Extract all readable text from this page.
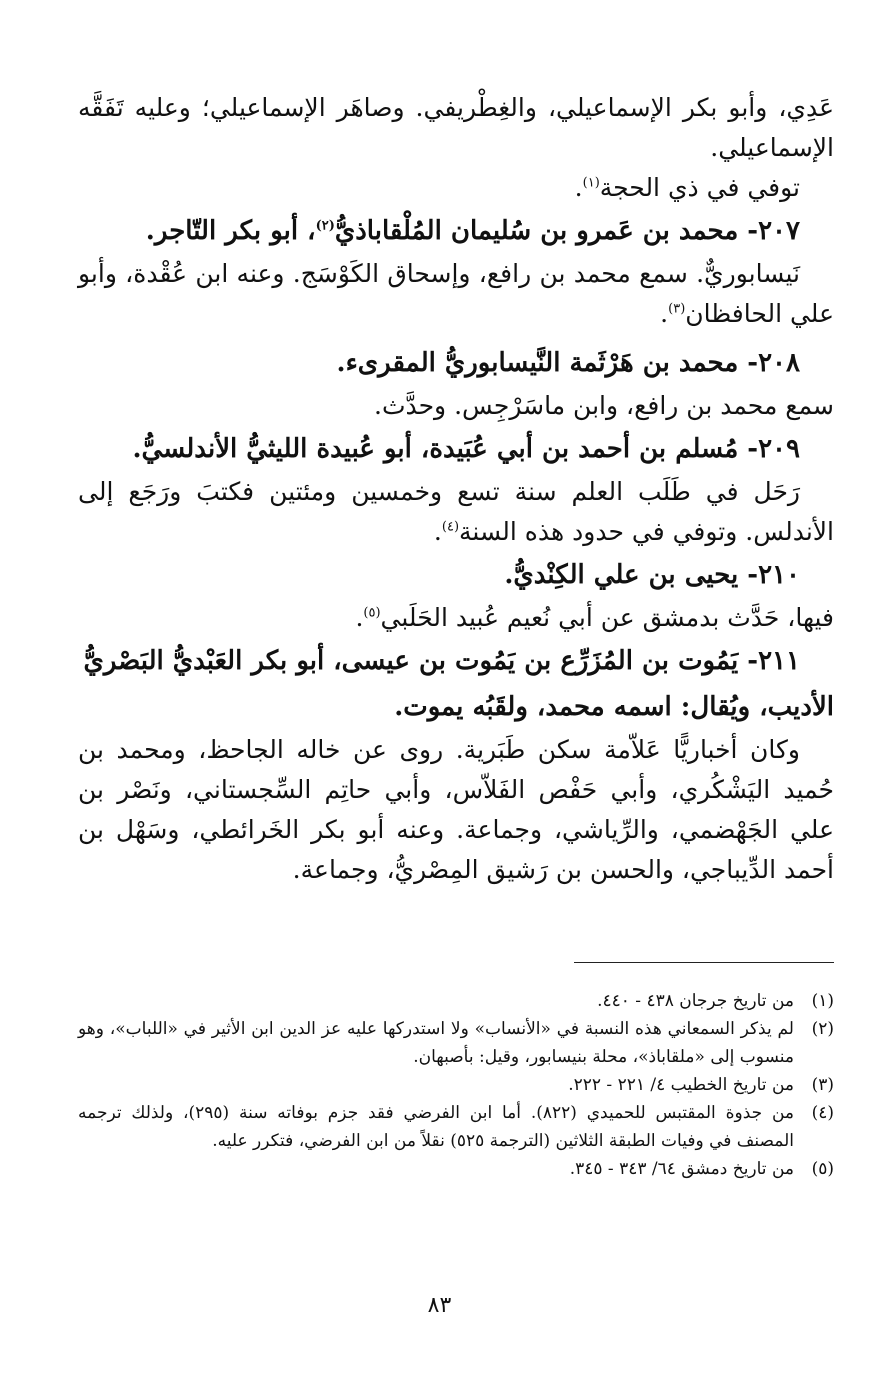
عَدِي، وأبو بكر الإسماعيلي، والغِطْريفي. وصاهَر الإسماعيلي؛ وعليه تَفَقَّه الإسماعيلي.

توفي في ذي الحجة$^{(١)}$.

٢٠٧- محمد بن عَمرو بن سُليمان المُلْقاباذيُّ$^{(٢)}$، أبو بكر التّاجر.

نَيسابوريٌّ. سمع محمد بن رافع، وإسحاق الكَوْسَج. وعنه ابن عُقْدة، وأبو علي الحافظان$^{(٣)}$.

٢٠٨- محمد بن هَرْثَمة النَّيسابوريُّ المقرىء.

سمع محمد بن رافع، وابن ماسَرْجِس. وحدَّث.

٢٠٩- مُسلم بن أحمد بن أبي عُبَيدة، أبو عُبيدة الليثيُّ الأندلسيُّ.

رَحَل في طَلَب العلم سنة تسع وخمسين ومئتين فكتبَ ورَجَع إلى الأندلس. وتوفي في حدود هذه السنة$^{(٤)}$.

٢١٠- يحيى بن علي الكِنْديُّ.

فيها، حَدَّث بدمشق عن أبي نُعيم عُبيد الحَلَبي$^{(٥)}$.

٢١١- يَمُوت بن المُزَرِّع بن يَمُوت بن عيسى، أبو بكر العَبْديُّ البَصْريُّ الأديب، ويُقال: اسمه محمد، ولقَبُه يموت.

وكان أخباريًّا عَلاّمة سكن طَبَرية. روى عن خاله الجاحظ، ومحمد بن حُميد اليَشْكُري، وأبي حَفْص الفَلاّس، وأبي حاتِم السِّجستاني، ونَصْر بن علي الجَهْضمي، والرِّياشي، وجماعة. وعنه أبو بكر الخَرائطي، وسَهْل بن أحمد الدِّيباجي، والحسن بن رَشيق المِصْريُّ، وجماعة.

(١)
من تاريخ جرجان ٤٣٨ - ٤٤٠.
(٢)
لم يذكر السمعاني هذه النسبة في «الأنساب» ولا استدركها عليه عز الدين ابن الأثير في «اللباب»، وهو منسوب إلى «ملقاباذ»، محلة بنيسابور، وقيل: بأصبهان.
(٣)
من تاريخ الخطيب ٤/ ٢٢١ - ٢٢٢.
(٤)
من جذوة المقتبس للحميدي (٨٢٢). أما ابن الفرضي فقد جزم بوفاته سنة (٢٩٥)، ولذلك ترجمه المصنف في وفيات الطبقة الثلاثين (الترجمة ٥٢٥) نقلاً من ابن الفرضي، فتكرر عليه.
(٥)
من تاريخ دمشق ٦٤/ ٣٤٣ - ٣٤٥.
٨٣
